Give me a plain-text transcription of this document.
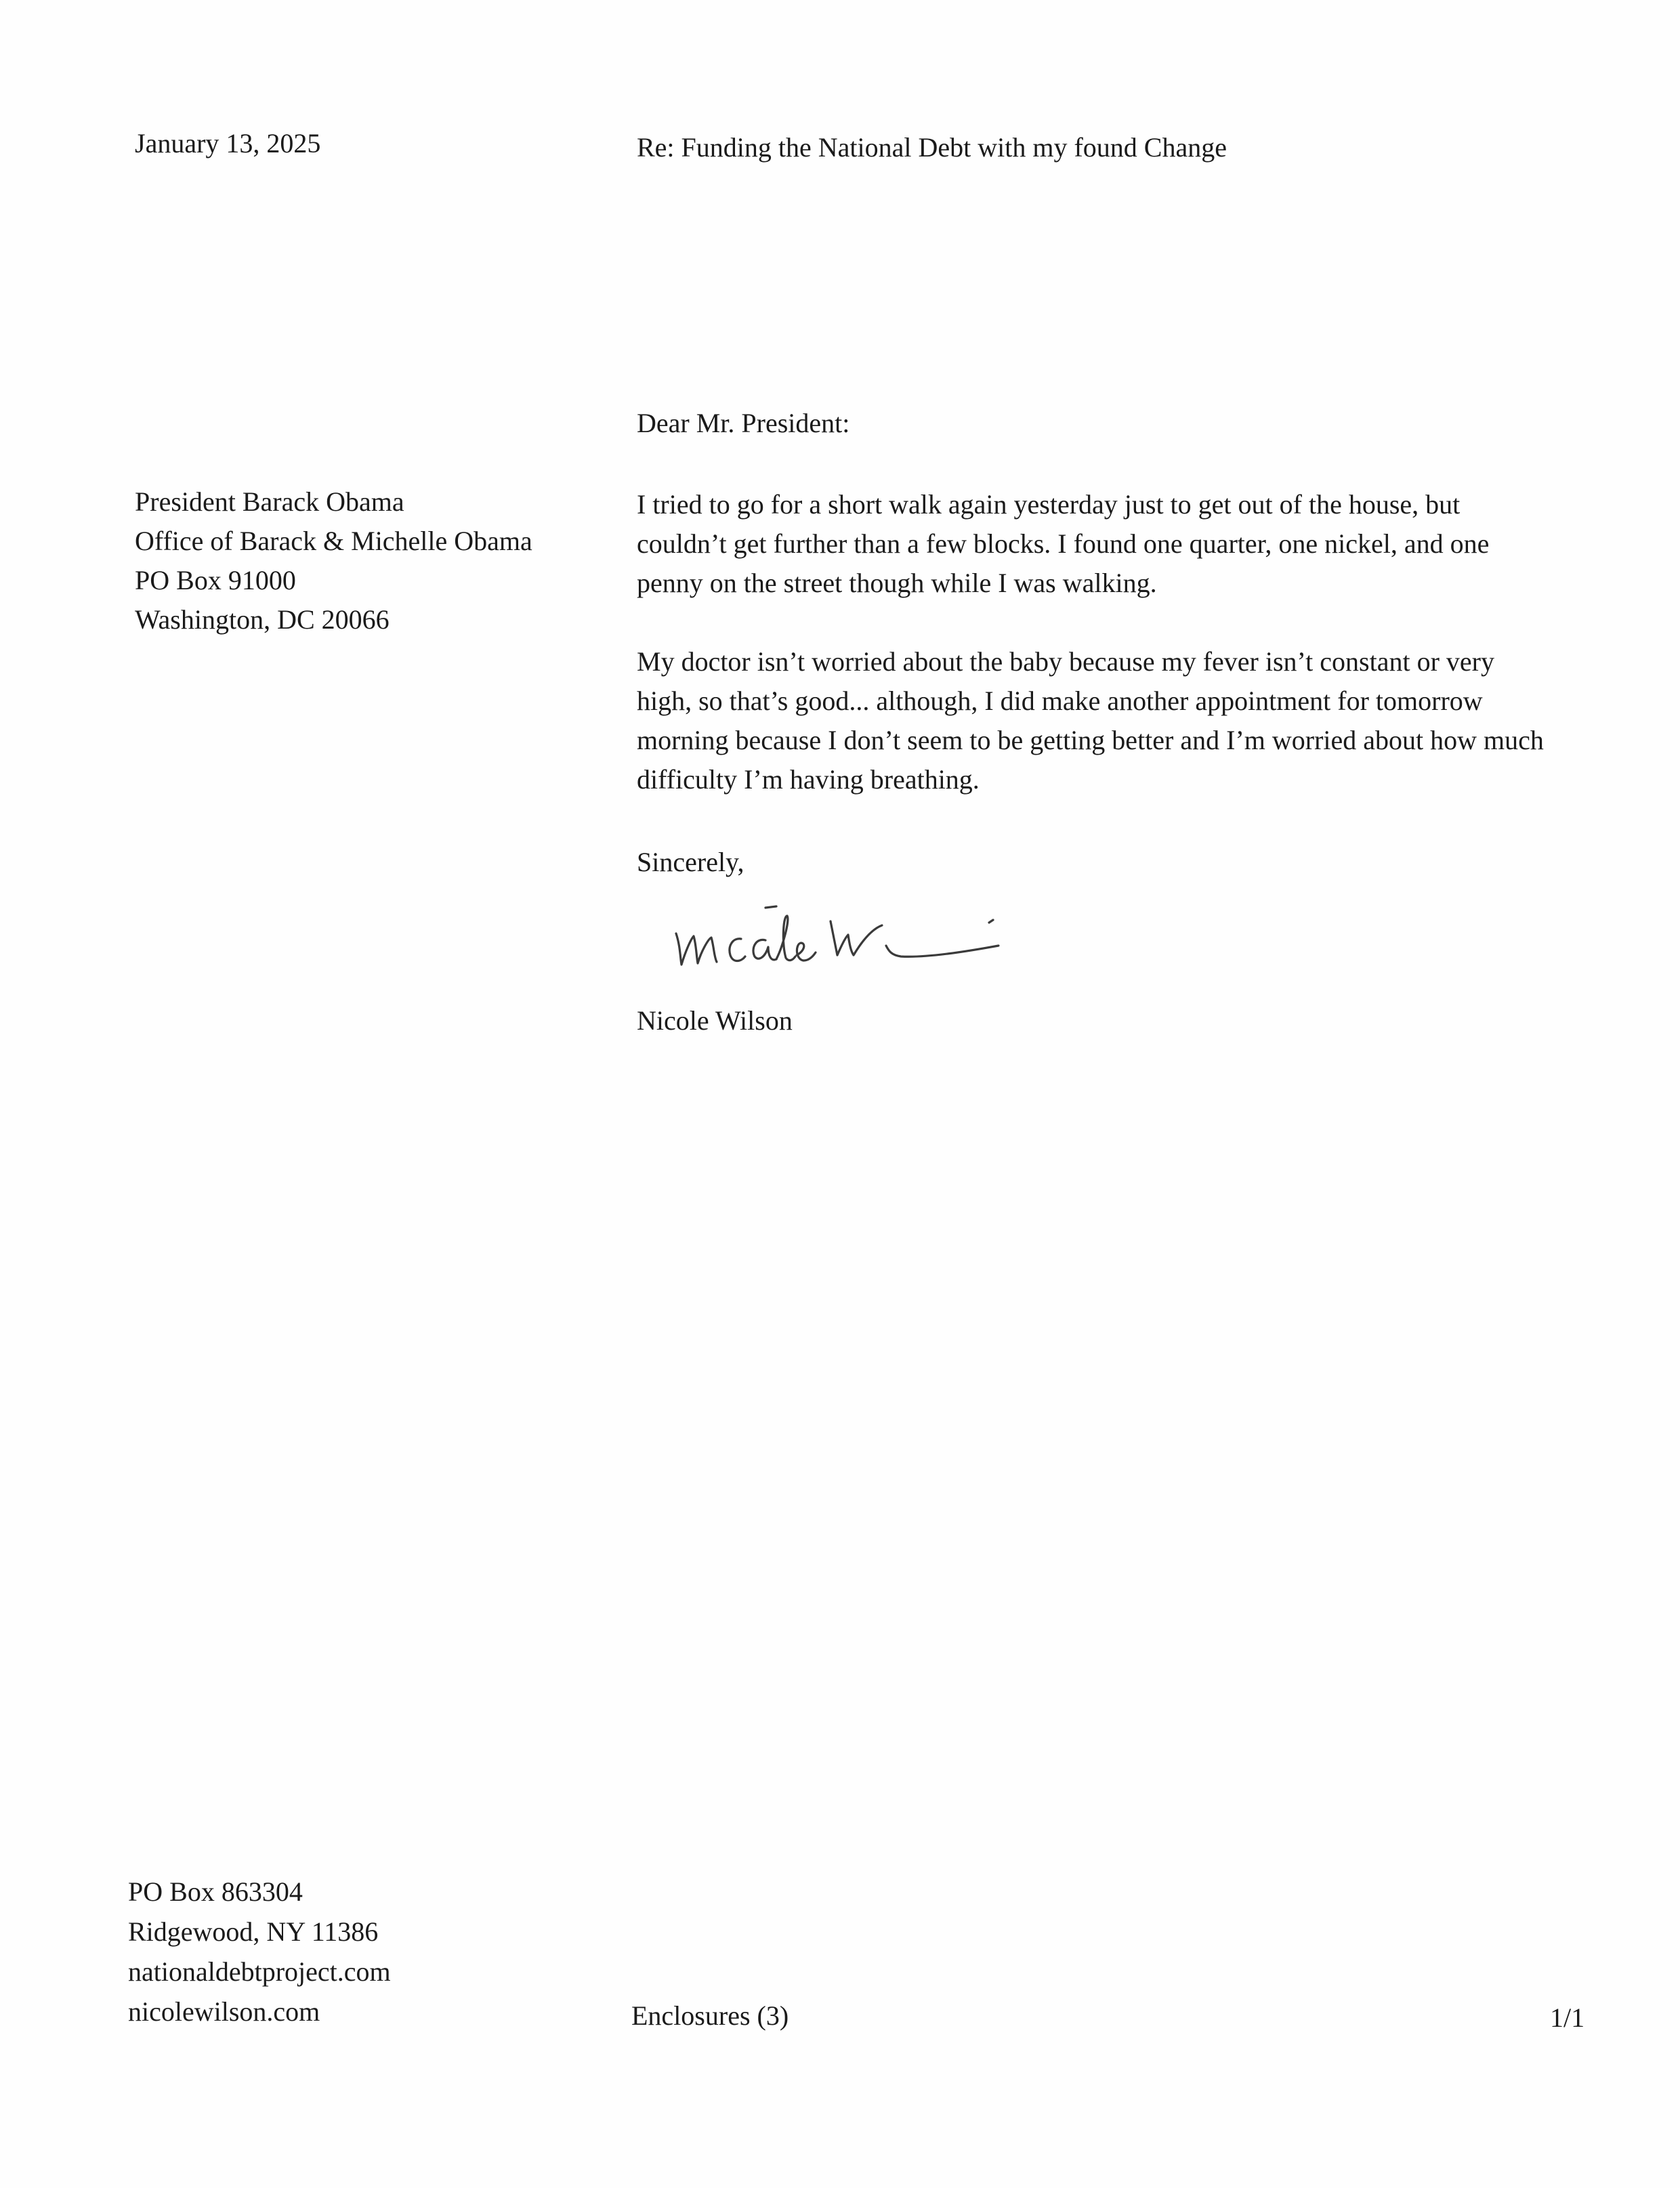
January 13, 2025	Re: Funding the National Debt with my found Change
President Barack Obama
Office of Barack & Michelle Obama
PO Box 91000
Washington, DC 20066
Dear Mr. President:

I tried to go for a short walk again yesterday just to get out of the house, but
couldn’t get further than a few blocks. I found one quarter, one nickel, and one
penny on the street though while I was walking.

My doctor isn’t worried about the baby because my fever isn’t constant or very
high, so that’s good... although, I did make another appointment for tomorrow
morning because I don’t seem to be getting better and I’m worried about how much
difficulty I’m having breathing.

Sincerely,
Nicole Wilson
PO Box 863304
Ridgewood, NY 11386
nationaldebtproject.com
nicolewilson.com	Enclosures (3)	1/1
